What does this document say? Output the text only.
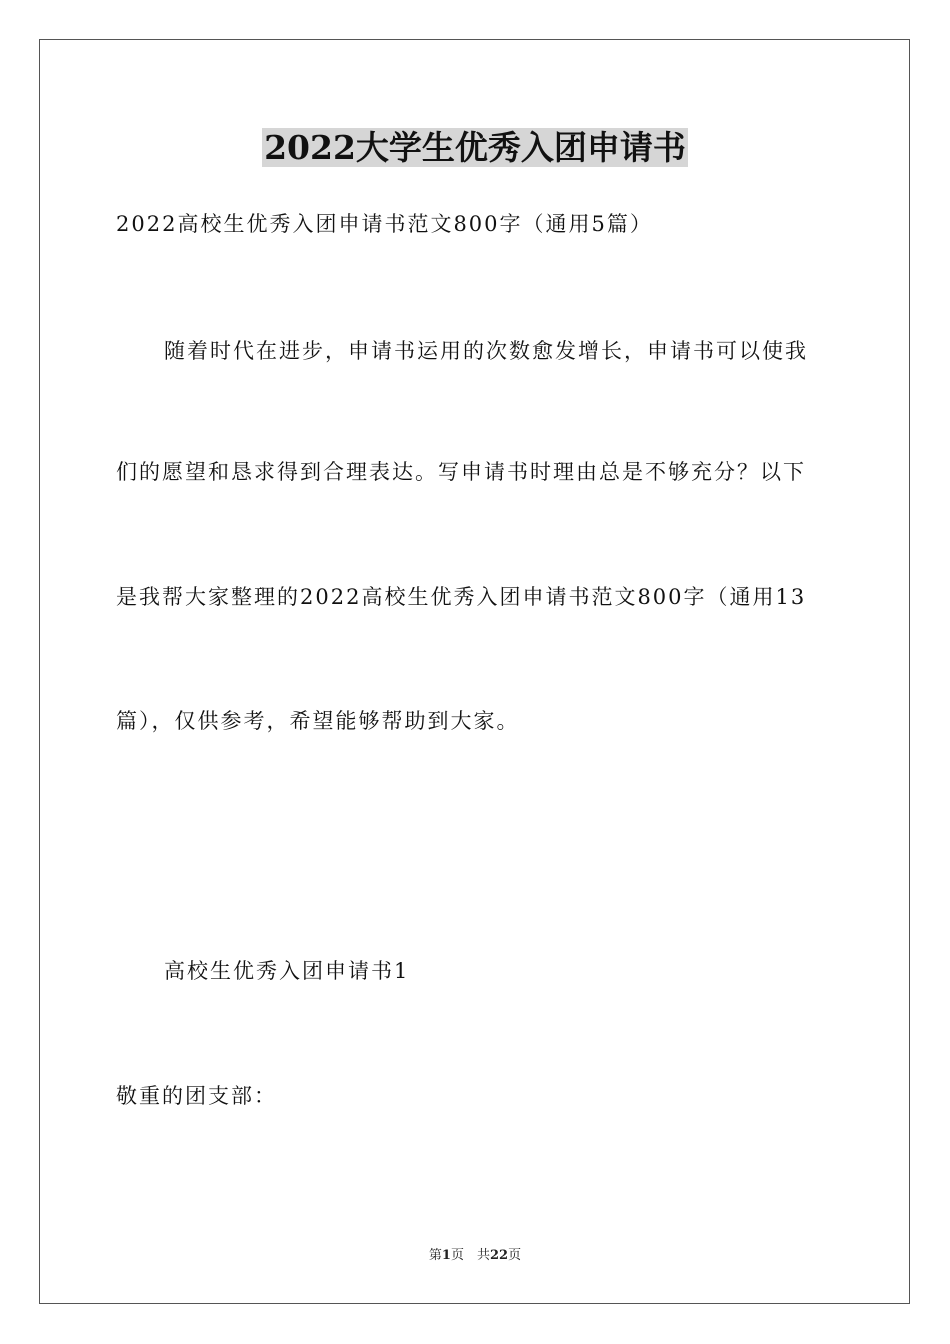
2022大学生优秀入团申请书
2022高校生优秀入团申请书范文800字（通用5篇）
随着时代在进步，申请书运用的次数愈发增长，申请书可以使我
们的愿望和恳求得到合理表达。写申请书时理由总是不够充分？以下
是我帮大家整理的2022高校生优秀入团申请书范文800字（通用13
篇），仅供参考，希望能够帮助到大家。
高校生优秀入团申请书1
敬重的团支部：
第1页　共22页
